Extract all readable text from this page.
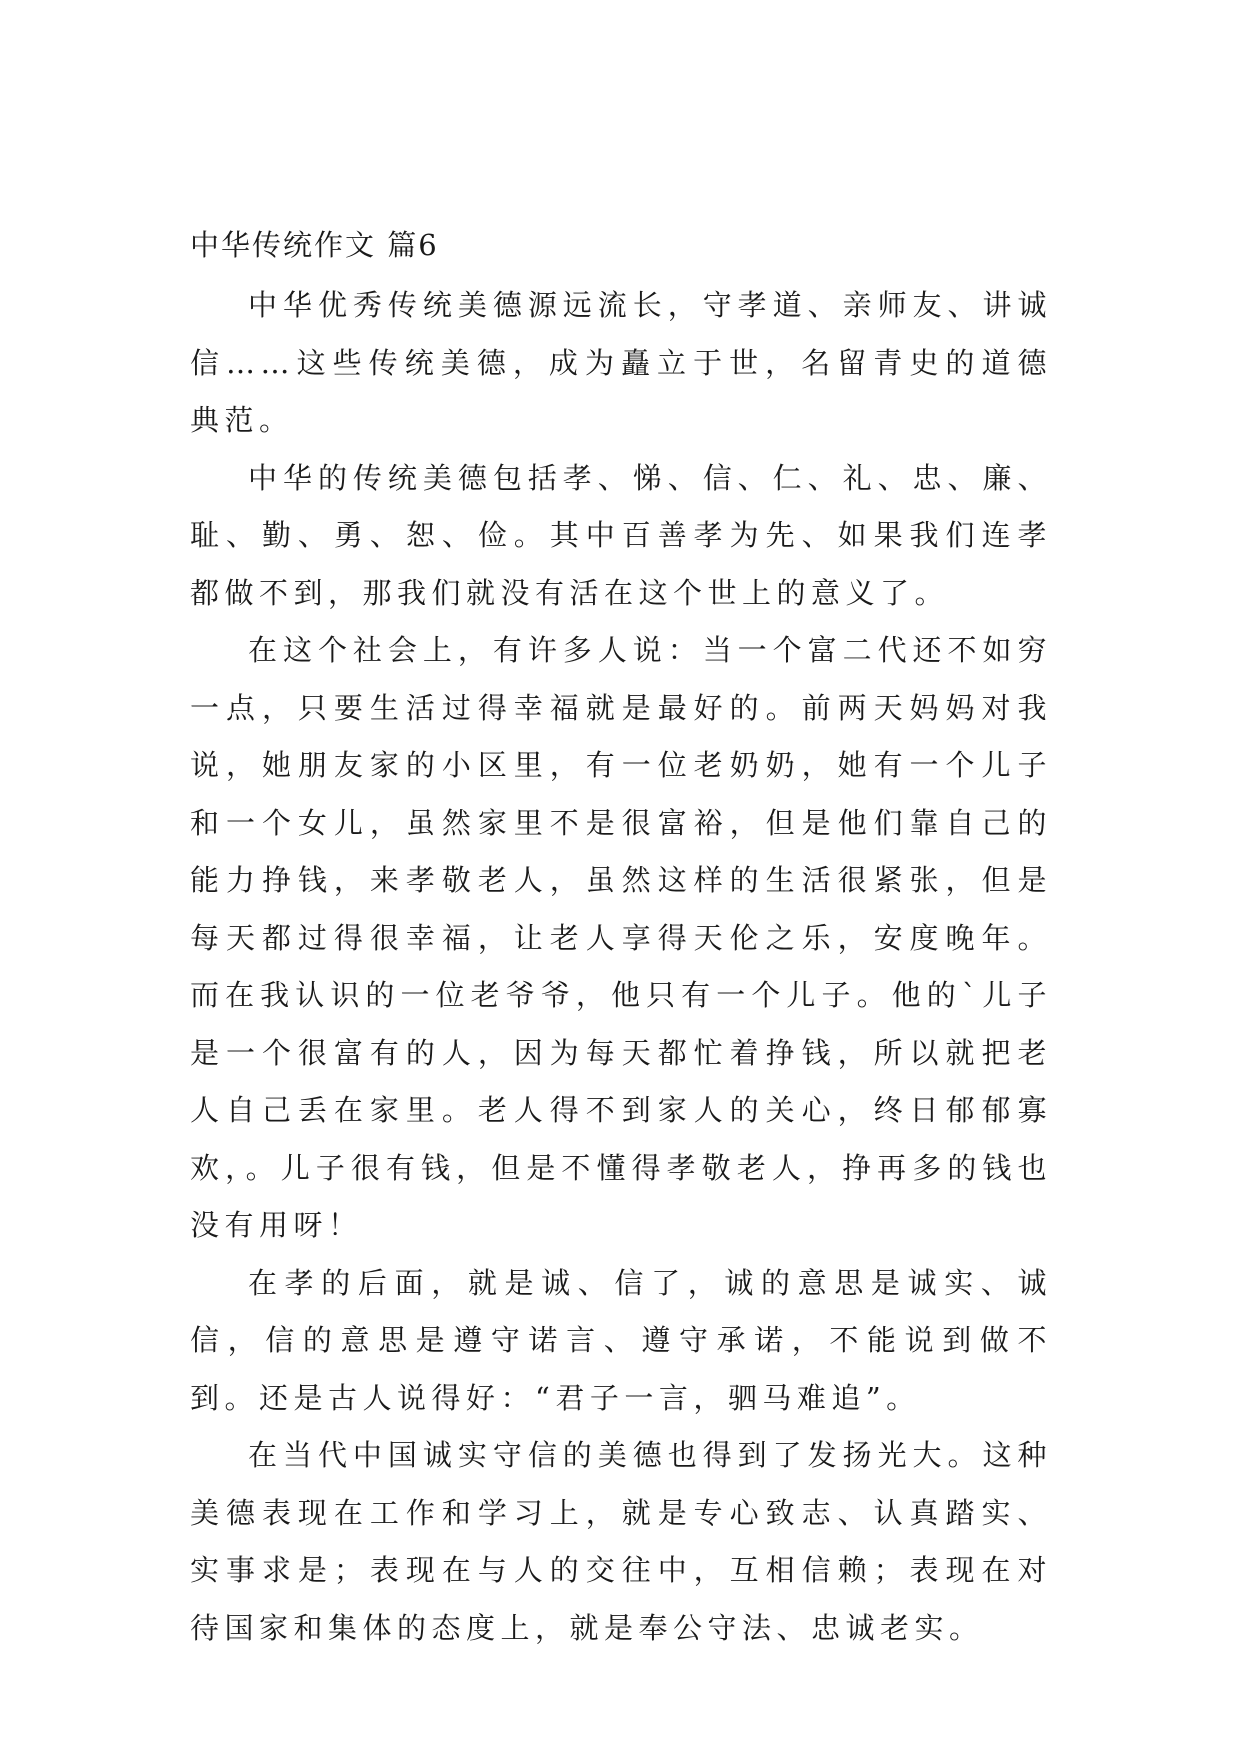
中华传统作文 篇6

中华优秀传统美德源远流长，守孝道、亲师友、讲诚信……这些传统美德，成为矗立于世，名留青史的道德典范。

中华的传统美德包括孝、悌、信、仁、礼、忠、廉、耻、勤、勇、恕、俭。其中百善孝为先、如果我们连孝都做不到，那我们就没有活在这个世上的意义了。

在这个社会上，有许多人说：当一个富二代还不如穷一点，只要生活过得幸福就是最好的。前两天妈妈对我说，她朋友家的小区里，有一位老奶奶，她有一个儿子和一个女儿，虽然家里不是很富裕，但是他们靠自己的能力挣钱，来孝敬老人，虽然这样的生活很紧张，但是每天都过得很幸福，让老人享得天伦之乐，安度晚年。而在我认识的一位老爷爷，他只有一个儿子。他的`儿子是一个很富有的人，因为每天都忙着挣钱，所以就把老人自己丢在家里。老人得不到家人的关心，终日郁郁寡欢，。儿子很有钱，但是不懂得孝敬老人，挣再多的钱也没有用呀！

在孝的后面，就是诚、信了，诚的意思是诚实、诚信，信的意思是遵守诺言、遵守承诺，不能说到做不到。还是古人说得好：“君子一言，驷马难追”。

在当代中国诚实守信的美德也得到了发扬光大。这种美德表现在工作和学习上，就是专心致志、认真踏实、实事求是；表现在与人的交往中，互相信赖；表现在对待国家和集体的态度上，就是奉公守法、忠诚老实。
